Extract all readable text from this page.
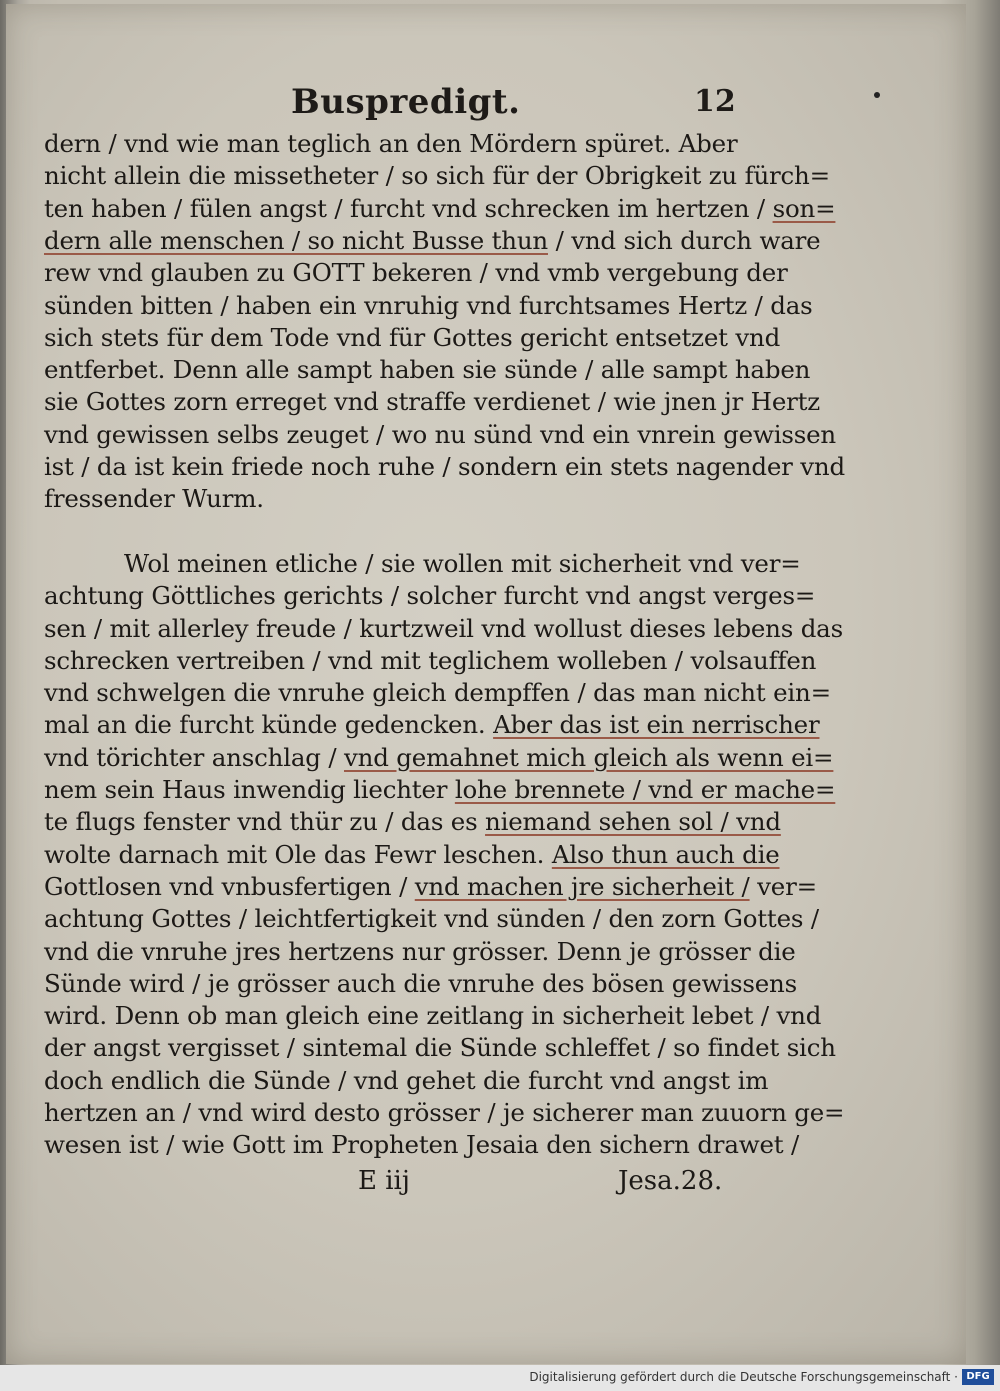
Buspredigt.	12
dern / vnd wie man teglich an den Mördern spüret. Aber
nicht allein die missetheter / so sich für der Obrigkeit zu fürch=
ten haben / fülen angst / furcht vnd schrecken im hertzen / son=
dern alle menschen / so nicht Busse thun / vnd sich durch ware
rew vnd glauben zu GOTT bekeren / vnd vmb vergebung der
sünden bitten / haben ein vnruhig vnd furchtsames Hertz / das
sich stets für dem Tode vnd für Gottes gericht entsetzet vnd
entferbet. Denn alle sampt haben sie sünde / alle sampt haben
sie Gottes zorn erreget vnd straffe verdienet / wie jnen jr Hertz
vnd gewissen selbs zeuget / wo nu sünd vnd ein vnrein gewissen
ist / da ist kein friede noch ruhe / sondern ein stets nagender vnd
fressender Wurm.
Wol meinen etliche / sie wollen mit sicherheit vnd ver=
achtung Göttliches gerichts / solcher furcht vnd angst verges=
sen / mit allerley freude / kurtzweil vnd wollust dieses lebens das
schrecken vertreiben / vnd mit teglichem wolleben / volsauffen
vnd schwelgen die vnruhe gleich dempffen / das man nicht ein=
mal an die furcht künde gedencken. Aber das ist ein nerrischer
vnd törichter anschlag / vnd gemahnet mich gleich als wenn ei=
nem sein Haus inwendig liechter lohe brennete / vnd er mache=
te flugs fenster vnd thür zu / das es niemand sehen sol / vnd
wolte darnach mit Ole das Fewr leschen. Also thun auch die
Gottlosen vnd vnbusfertigen / vnd machen jre sicherheit / ver=
achtung Gottes / leichtfertigkeit vnd sünden / den zorn Gottes /
vnd die vnruhe jres hertzens nur grösser. Denn je grösser die
Sünde wird / je grösser auch die vnruhe des bösen gewissens
wird. Denn ob man gleich eine zeitlang in sicherheit lebet / vnd
der angst vergisset / sintemal die Sünde schleffet / so findet sich
doch endlich die Sünde / vnd gehet die furcht vnd angst im
hertzen an / vnd wird desto grösser / je sicherer man zuuorn ge=
wesen ist / wie Gott im Propheten Jesaia den sichern drawet /
E iij	Jesa.28.
Digitalisierung gefördert durch die Deutsche Forschungsgemeinschaft · DFG
